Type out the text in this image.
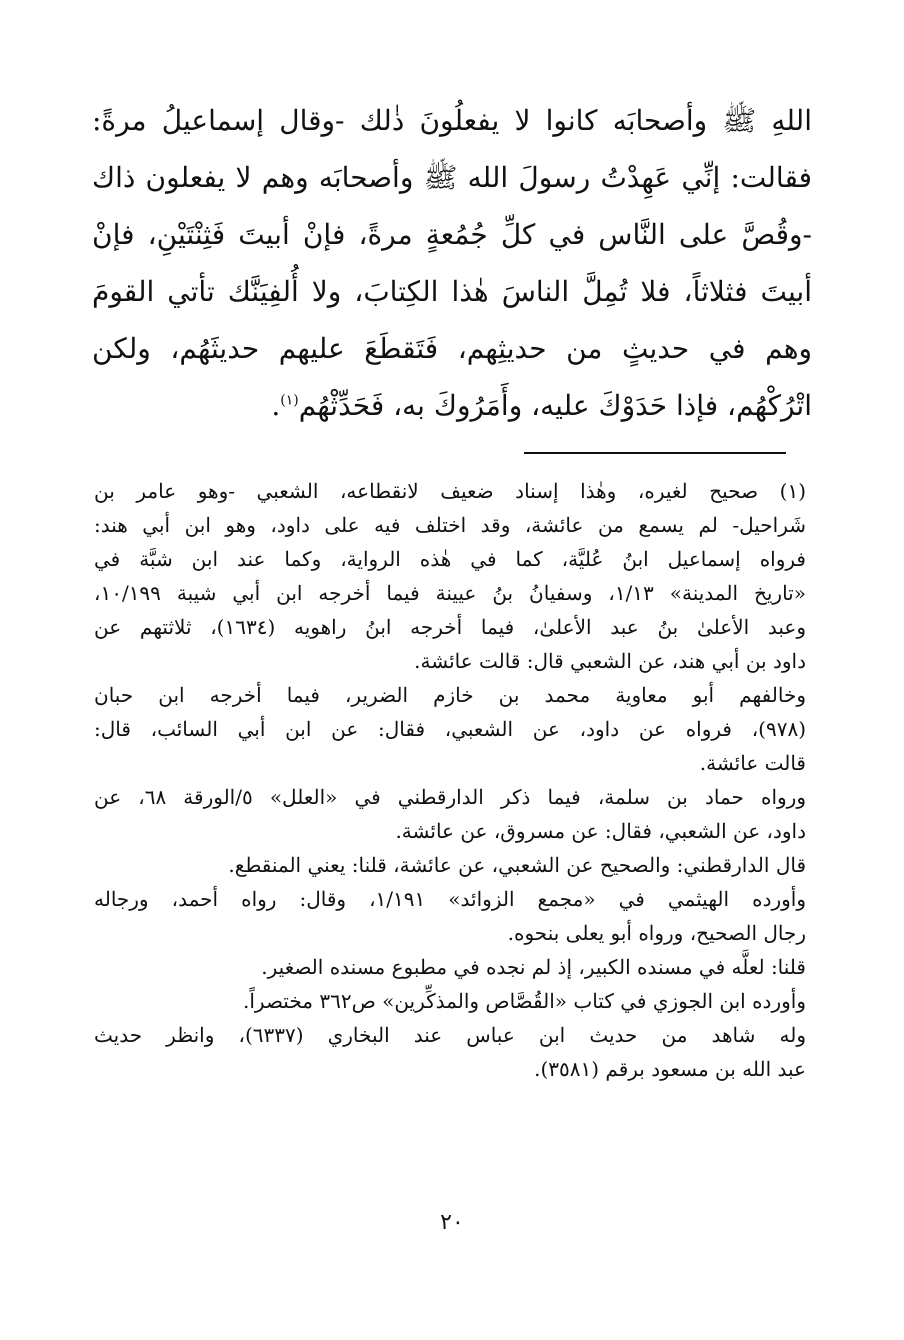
اللهِ ﷺ وأصحابَه كانوا لا يفعلُونَ ذٰلك -وقال إسماعيلُ مرةً:
فقالت: إنِّي عَهِدْتُ رسولَ الله ﷺ وأصحابَه وهم لا يفعلون ذاك
-وقُصَّ على النَّاس في كلِّ جُمُعةٍ مرةً، فإنْ أبيتَ فَثِنْتَيْنِ، فإنْ
أبيتَ فثلاثاً، فلا تُمِلَّ الناسَ هٰذا الكِتابَ، ولا أُلفِيَنَّك تأتي القومَ
وهم في حديثٍ من حديثِهم، فَتَقطَعَ عليهم حديثَهُم، ولكن
اتْرُكْهُم، فإذا حَدَوْكَ عليه، وأَمَرُوكَ به، فَحَدِّثْهُم$^{(١)}$.
(١) صحيح لغيره، وهٰذا إسناد ضعيف لانقطاعه، الشعبي -وهو عامر بن
شَراحيل- لم يسمع من عائشة، وقد اختلف فيه على داود، وهو ابن أبي هند:
فرواه إسماعيل ابنُ عُليَّة، كما في هٰذه الرواية، وكما عند ابن شبَّة في
«تاريخ المدينة» ١/١٣، وسفيانُ بنُ عيينة فيما أخرجه ابن أبي شيبة ١٠/١٩٩،
وعبد الأعلىٰ بنُ عبد الأعلىٰ، فيما أخرجه ابنُ راهويه (١٦٣٤)، ثلاثتهم عن
داود بن أبي هند، عن الشعبي قال: قالت عائشة.
وخالفهم أبو معاوية محمد بن خازم الضرير، فيما أخرجه ابن حبان
(٩٧٨)، فرواه عن داود، عن الشعبي، فقال: عن ابن أبي السائب، قال:
قالت عائشة.
ورواه حماد بن سلمة، فيما ذكر الدارقطني في «العلل» ٥/الورقة ٦٨، عن
داود، عن الشعبي، فقال: عن مسروق، عن عائشة.
قال الدارقطني: والصحيح عن الشعبي، عن عائشة، قلنا: يعني المنقطع.
وأورده الهيثمي في «مجمع الزوائد» ١/١٩١، وقال: رواه أحمد، ورجاله
رجال الصحيح، ورواه أبو يعلى بنحوه.
قلنا: لعلَّه في مسنده الكبير، إذ لم نجده في مطبوع مسنده الصغير.
وأورده ابن الجوزي في كتاب «القُصَّاص والمذكِّرين» ص٣٦٢ مختصراً.
وله شاهد من حديث ابن عباس عند البخاري (٦٣٣٧)، وانظر حديث
عبد الله بن مسعود برقم (٣٥٨١).
٢٠
